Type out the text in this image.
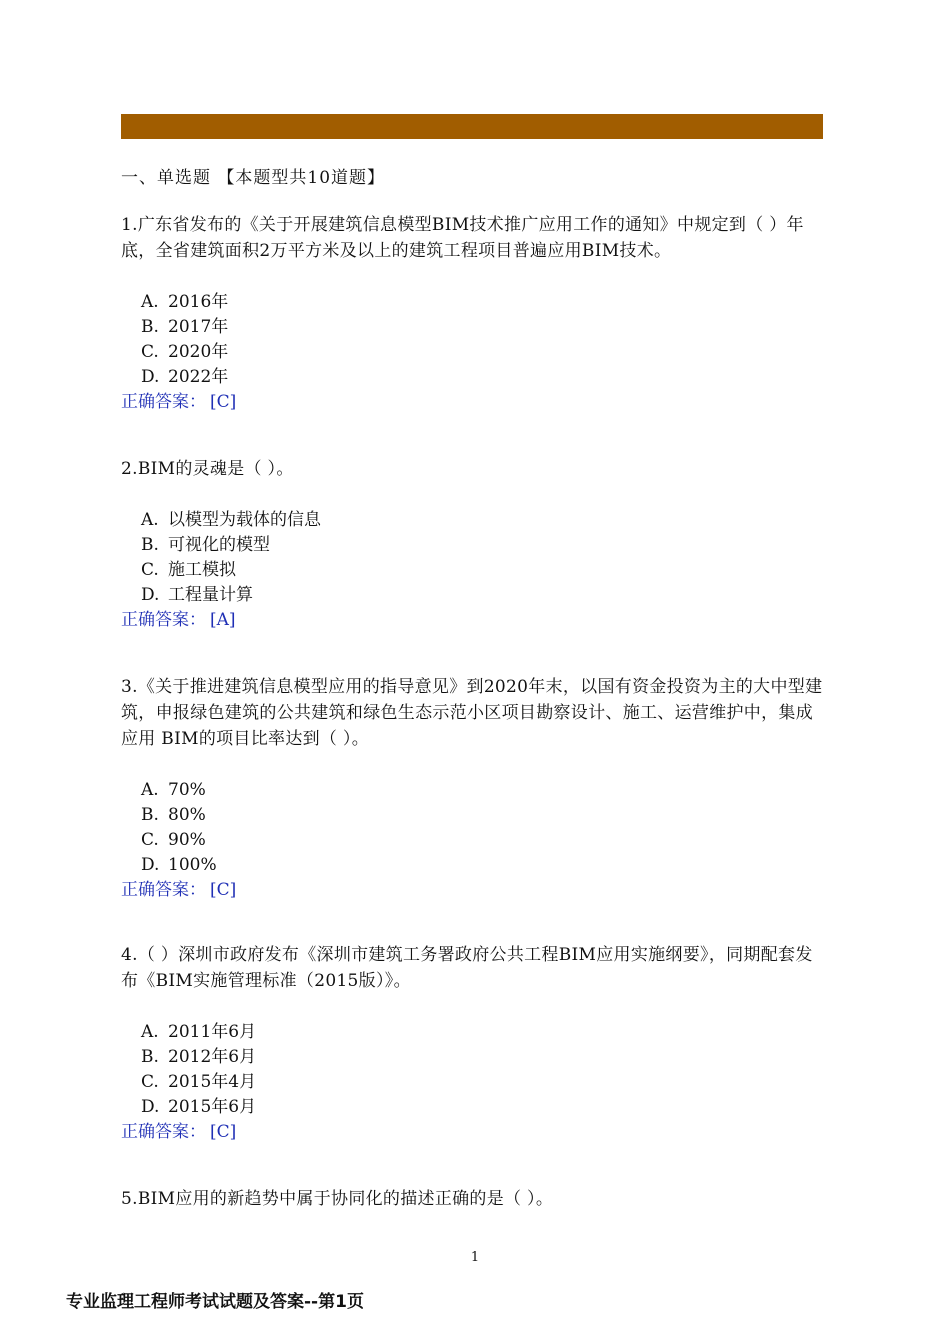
一、单选题 【本题型共10道题】

1.广东省发布的《关于开展建筑信息模型BIM技术推广应用工作的通知》中规定到（ ）年底，全省建筑面积2万平方米及以上的建筑工程项目普遍应用BIM技术。

A. 2016年
B. 2017年
C. 2020年
D. 2022年
正确答案： [C]

2.BIM的灵魂是（ ）。

A. 以模型为载体的信息
B. 可视化的模型
C. 施工模拟
D. 工程量计算
正确答案： [A]

3.《关于推进建筑信息模型应用的指导意见》到2020年末，以国有资金投资为主的大中型建筑，申报绿色建筑的公共建筑和绿色生态示范小区项目勘察设计、施工、运营维护中，集成应用 BIM的项目比率达到（ ）。

A. 70%
B. 80%
C. 90%
D. 100%
正确答案： [C]

4.（ ）深圳市政府发布《深圳市建筑工务署政府公共工程BIM应用实施纲要》，同期配套发布《BIM实施管理标准（2015版）》。

A. 2011年6月
B. 2012年6月
C. 2015年4月
D. 2015年6月
正确答案： [C]

5.BIM应用的新趋势中属于协同化的描述正确的是（ ）。

1
专业监理工程师考试试题及答案--第1页
